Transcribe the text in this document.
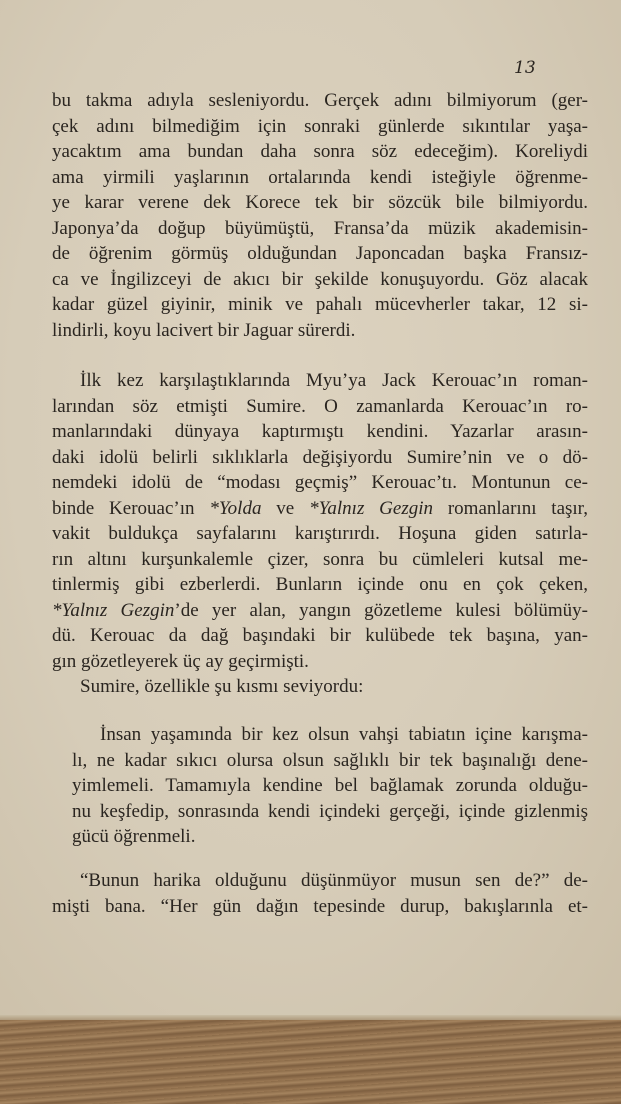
13
bu takma adıyla sesleniyordu. Gerçek adını bilmiyorum (ger-
çek adını bilmediğim için sonraki günlerde sıkıntılar yaşa-
yacaktım ama bundan daha sonra söz edeceğim). Koreliydi
ama yirmili yaşlarının ortalarında kendi isteğiyle öğrenme-
ye karar verene dek Korece tek bir sözcük bile bilmiyordu.
Japonya’da doğup büyümüştü, Fransa’da müzik akademisin-
de öğrenim görmüş olduğundan Japoncadan başka Fransız-
ca ve İngilizceyi de akıcı bir şekilde konuşuyordu. Göz alacak
kadar güzel giyinir, minik ve pahalı mücevherler takar, 12 si-
lindirli, koyu lacivert bir Jaguar sürerdi.
İlk kez karşılaştıklarında Myu’ya Jack Kerouac’ın roman-
larından söz etmişti Sumire. O zamanlarda Kerouac’ın ro-
manlarındaki dünyaya kaptırmıştı kendini. Yazarlar arasın-
daki idolü belirli sıklıklarla değişiyordu Sumire’nin ve o dö-
nemdeki idolü de “modası geçmiş” Kerouac’tı. Montunun ce-
binde Kerouac’ın *Yolda ve *Yalnız Gezgin romanlarını taşır,
vakit buldukça sayfalarını karıştırırdı. Hoşuna giden satırla-
rın altını kurşunkalemle çizer, sonra bu cümleleri kutsal me-
tinlermiş gibi ezberlerdi. Bunların içinde onu en çok çeken,
*Yalnız Gezgin’de yer alan, yangın gözetleme kulesi bölümüy-
dü. Kerouac da dağ başındaki bir kulübede tek başına, yan-
gın gözetleyerek üç ay geçirmişti.
Sumire, özellikle şu kısmı seviyordu:
İnsan yaşamında bir kez olsun vahşi tabiatın içine karışma-
lı, ne kadar sıkıcı olursa olsun sağlıklı bir tek başınalığı dene-
yimlemeli. Tamamıyla kendine bel bağlamak zorunda olduğu-
nu keşfedip, sonrasında kendi içindeki gerçeği, içinde gizlenmiş
gücü öğrenmeli.
“Bunun harika olduğunu düşünmüyor musun sen de?” de-
mişti bana. “Her gün dağın tepesinde durup, bakışlarınla et-
